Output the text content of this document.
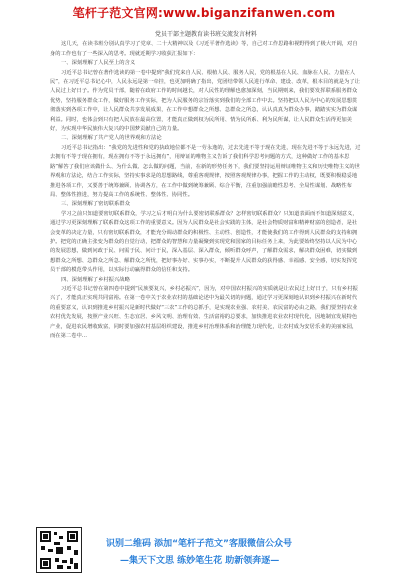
笔杆子范文官网:www.biganzifanwen.com
党员干部主题教育读书班交流发言材料
这几天，在读书班分别认真学习了党章、二十大精神以及《习近平著作选读》等，自己对工作思路和视野得到了极大开阔，对自身的工作也有了一些深入的思考。现就近期学习收获汇报如下：
一、深刻理解了人民至上的含义
习近平总书记曾在著作选读的第一卷中提到“我们党来自人民、根植人民、服务人民，党的根基在人民、血脉在人民、力量在人民”，在习近平总书记心中，人民永远是第一牵挂，也更加明确了指出，党团结带领人民进行革命、建设、改革，根本目的就是为了让人民过上好日子。作为党员干部，随着在政府工作的时间越长，对人民性的理解也愈加深刻，当民期则来，我们要发挥联系服务群众优势，坚持服务群众工作，做好服务工作实际，把为人民服务的宗旨落实到我们的全部工作中去。坚持把以人民为中心的发展思想贯彻落实到各项工作中，让人民群众共享发展成果，在工作中想群众之所想、急群众之所急，认认真真为群众办事，踏踏实实为群众谋利益。同时，也体会到只有把人民放在最高位置，才能真正做到权为民所用、情为民所系、利为民所谋，让人民群众生活得更加美好，为实现中华民族伟大复兴的中国梦贡献自己的力量。
二、深刻理解了共产党人的世界观和方法论
习近平总书记指出：“我党的先进性和党的执政地位都不是一劳永逸的，过去先进不等于现在先进，现在先进不等于永远先进，过去拥有不等于现在拥有，现在拥有不等于永远拥有”，用辩证的唯物主义告诉了我们科学思考问题的方式，这种做好工作的基本思路”解答了我们应该做什么、为什么做、怎么做的问题，当前，在新的形势任务下，我们要坚持运用辩证唯物主义和历史唯物主义的世界观和方法论，结合工作实际，坚持实事求是的思想路线，尊重客观规律，按照客观规律办事，把握工作的主动权，既要积极稳妥地推进各项工作，又要善于统筹兼顾、协调各方，在工作中做到统筹兼顾、综合平衡，注重加强前瞻性思考、全局性谋划、战略性布局、整体性推进，努力提高工作的系统性、整体性、协同性。
三、深刻理解了密切联系群众
学习之前只知道要密切联系群众，学习之后才明白为什么要密切联系群众？怎样密切联系群众？只知道表面而不知道深刻意义，通过学习更深刻理解了联系群众这项工作的重要意义。因为人民群众是社会实践的主体，是社会物质财富和精神财富的创造者，是社会变革的决定力量，只有密切联系群众，才能充分调动群众的积极性、主动性、创造性，才能使我们的工作得到人民群众的支持和拥护。把党的正确主张变为群众的自觉行动，把群众的智慧和力量凝聚到实现党和国家的目标任务上来，为此要始终坚持以人民为中心的发展思想，做到问政于民、问需于民、问计于民，深入基层、深入群众，倾听群众呼声，了解群众需求，解决群众困难，切实做到想群众之所想、急群众之所急、解群众之所忧，把好事办好、实事办实，不断提升人民群众的获得感、幸福感、安全感，切实发挥党员干部的模范带头作用，以实际行动赢得群众的信任和支持。
四、深刻理解了乡村振兴战略
习近平总书记曾在第四卷中提到“民族要复兴，乡村必振兴”，因为，对中国农村振兴的实质就是让农民过上好日子，只有乡村振兴了，才能真正实现共同富裕。在第一卷中关于农业农村的基础论述中为最关切的问题，通过学习更深刻地认识到乡村振兴在新时代的重要意义，认识到推进乡村振兴是新时代做好“三农”工作的总抓手，是实现农业强、农村美、农民富的必由之路，我们要坚持农业农村优先发展，按照产业兴旺、生态宜居、乡风文明、治理有效、生活富裕的总要求，加快推进农业农村现代化，因地制宜发展特色产业，促进农民增收致富，同时要加强农村基层组织建设，推进乡村治理体系和治理能力现代化，让农村成为安居乐业的美丽家园，而在第二卷中…
识别二维码 添加“笔杆子范文”客服微信公众号
—集天下文思 练妙笔生花 助新领奔逐—
